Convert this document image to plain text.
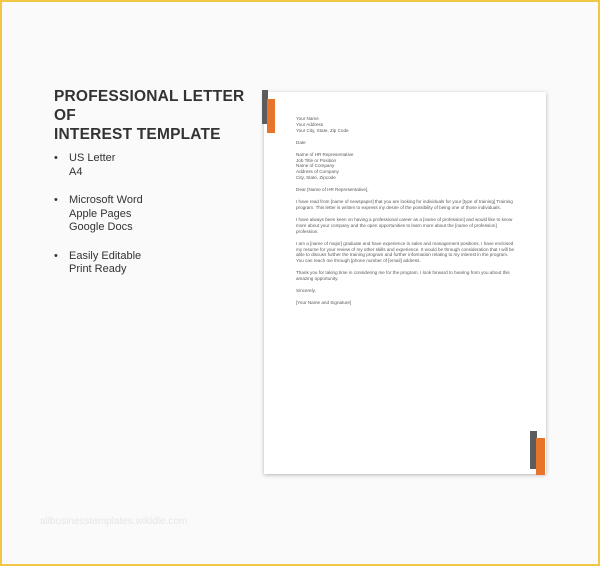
PROFESSIONAL LETTER OF
INTEREST TEMPLATE
• US Letter
A4
• Microsoft Word
Apple Pages
Google Docs
• Easily Editable
Print Ready
Your Name
Your Address
Your City, State, Zip Code
Date
Name of HR Representative
Job Title or Position
Name of Company
Address of Company
City, State, Zipcode
Dear [Name of HR Representative],

I have read from [name of newspaper] that you are looking for individuals for your [type of training] Training program. This letter is written to express my desire of the possibility of being one of those individuals.

I have always been keen on having a professional career as a [name of profession] and would like to know more about your company and the open opportunities to learn more about the [name of profession] profession.

I am a [name of major] graduate and have experience in sales and management positions. I have enclosed my resume for your review of my other skills and experience. It would be through consideration that I will be able to discuss further the training program and further information relating to my interest in the program. You can reach me through [phone number of [email] address.

Thank you for taking time in considering me for the program. I look forward to hearing from you about this amazing opportunity.

Sincerely,
[Your Name and Signature]
allbusinesstemplates.wikidle.com
